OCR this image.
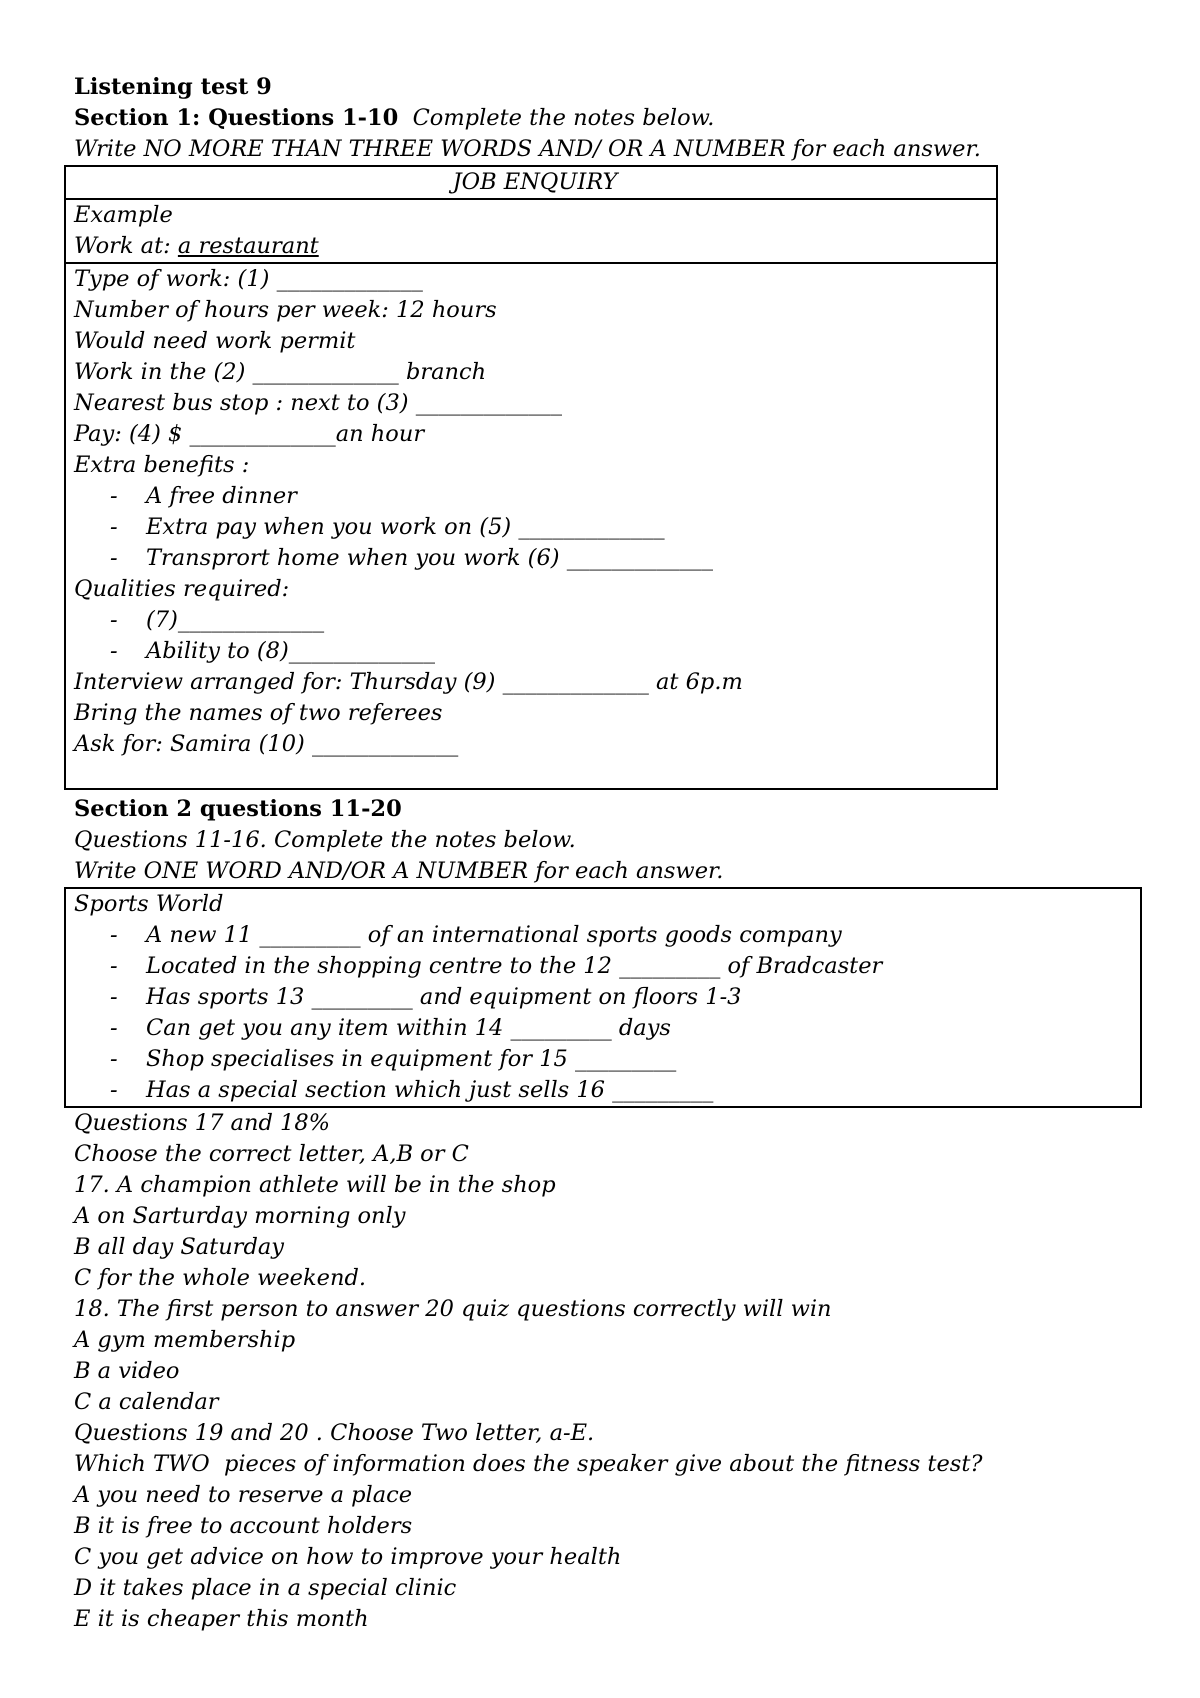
Listening test 9
Section 1: Questions 1-10 Complete the notes below.
Write NO MORE THAN THREE WORDS AND/ OR A NUMBER for each answer.
JOB ENQUIRY
Example
Work at: a restaurant
Type of work: (1) _____________
Number of hours per week: 12 hours
Would need work permit
Work in the (2) _____________ branch
Nearest bus stop : next to (3) _____________
Pay: (4) $ _____________an hour
Extra benefits :
- A free dinner
- Extra pay when you work on (5) _____________
- Transprort home when you work (6) _____________
Qualities required:
- (7)_____________
- Ability to (8)_____________
Interview arranged for: Thursday (9) _____________ at 6p.m
Bring the names of two referees
Ask for: Samira (10) _____________
Section 2 questions 11-20
Questions 11-16. Complete the notes below.
Write ONE WORD AND/OR A NUMBER for each answer.
Sports World
- A new 11 _________ of an international sports goods company
- Located in the shopping centre to the 12 _________ of Bradcaster
- Has sports 13 _________ and equipment on floors 1-3
- Can get you any item within 14 _________ days
- Shop specialises in equipment for 15 _________
- Has a special section which just sells 16 _________
Questions 17 and 18%
Choose the correct letter, A,B or C
17. A champion athlete will be in the shop
A on Sarturday morning only
B all day Saturday
C for the whole weekend.
18. The first person to answer 20 quiz questions correctly will win
A gym membership
B a video
C a calendar
Questions 19 and 20 . Choose Two letter, a-E.
Which TWO  pieces of information does the speaker give about the fitness test?
A you need to reserve a place
B it is free to account holders
C you get advice on how to improve your health
D it takes place in a special clinic
E it is cheaper this month
